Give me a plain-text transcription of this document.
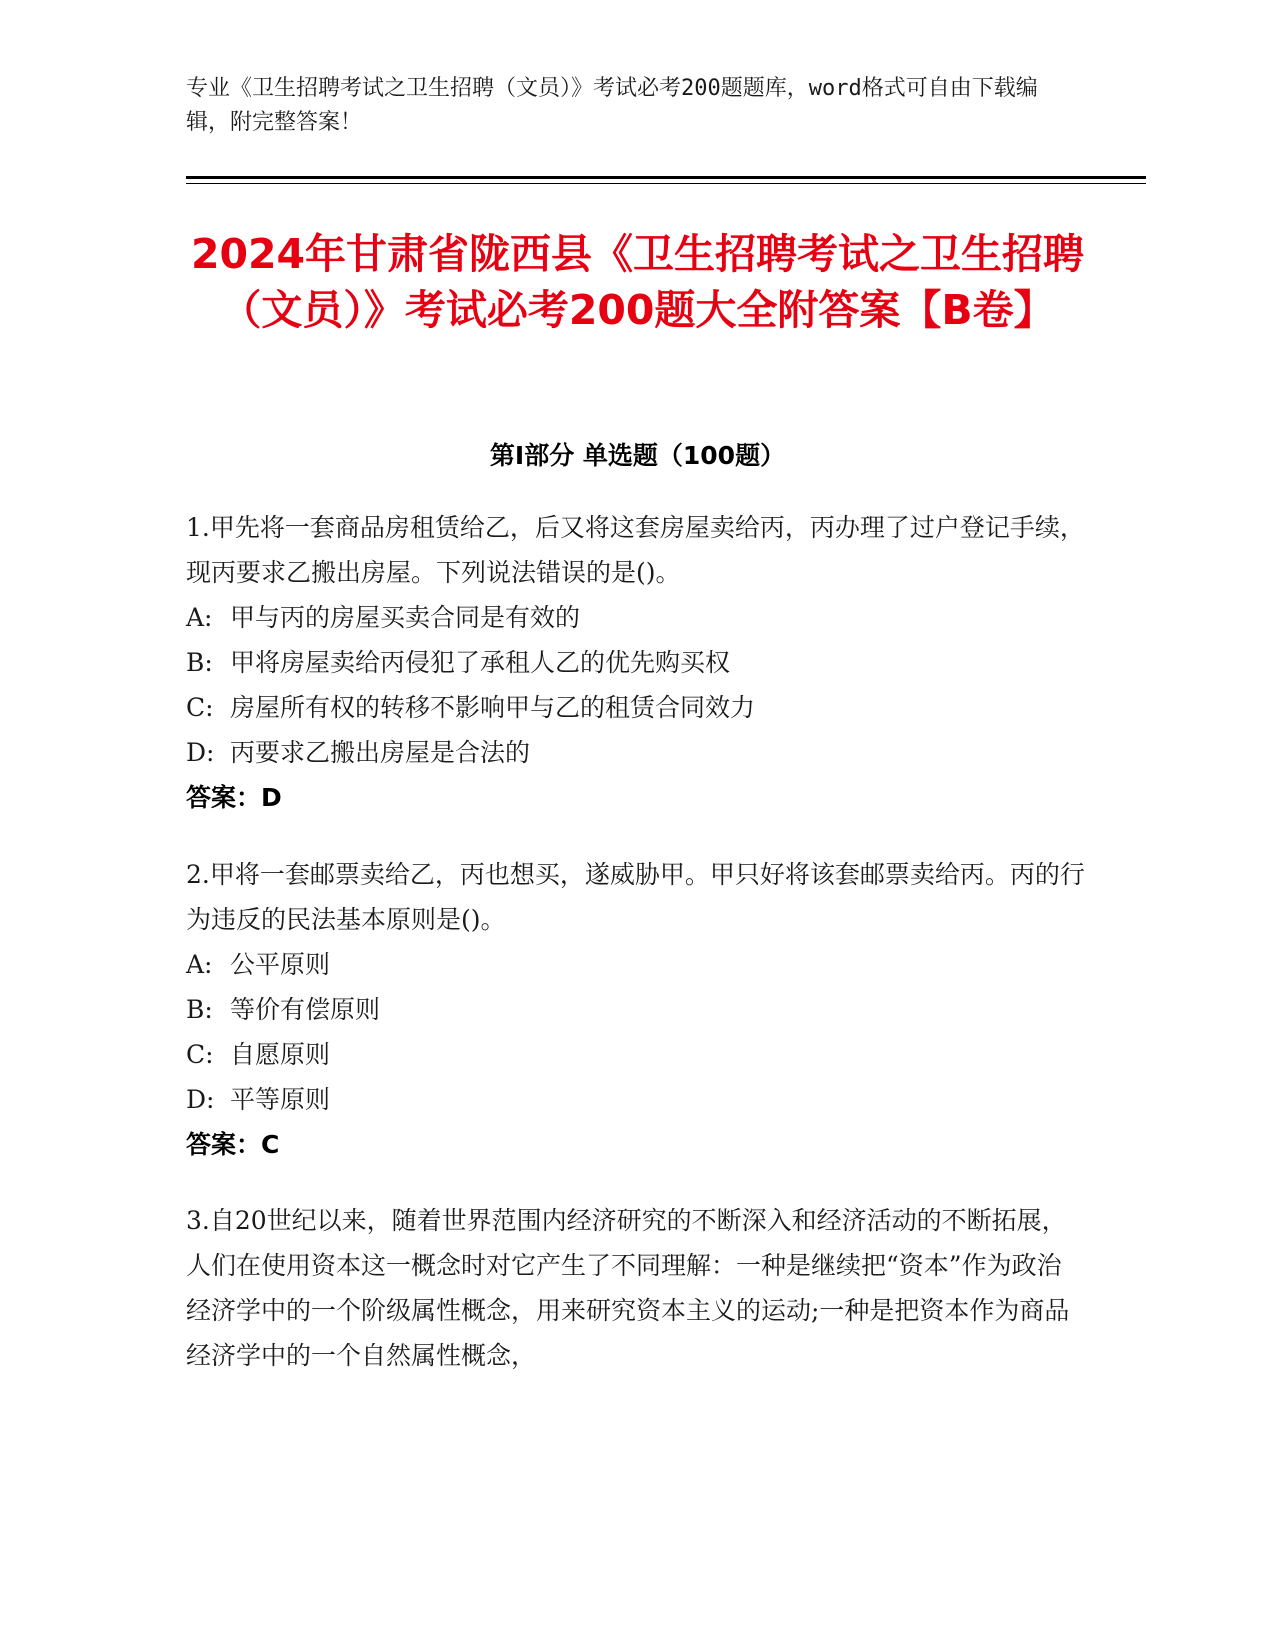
专业《卫生招聘考试之卫生招聘（文员）》考试必考200题题库，word格式可自由下载编辑，附完整答案！
2024年甘肃省陇西县《卫生招聘考试之卫生招聘（文员）》考试必考200题大全附答案【B卷】
第I部分 单选题（100题）

1.甲先将一套商品房租赁给乙，后又将这套房屋卖给丙，丙办理了过户登记手续，现丙要求乙搬出房屋。下列说法错误的是()。

A: 甲与丙的房屋买卖合同是有效的

B: 甲将房屋卖给丙侵犯了承租人乙的优先购买权

C: 房屋所有权的转移不影响甲与乙的租赁合同效力

D: 丙要求乙搬出房屋是合法的

答案：D

2.甲将一套邮票卖给乙，丙也想买，遂威胁甲。甲只好将该套邮票卖给丙。丙的行为违反的民法基本原则是()。

A: 公平原则

B: 等价有偿原则

C: 自愿原则

D: 平等原则

答案：C

3.自20世纪以来，随着世界范围内经济研究的不断深入和经济活动的不断拓展，人们在使用资本这一概念时对它产生了不同理解：一种是继续把“资本”作为政治经济学中的一个阶级属性概念，用来研究资本主义的运动;一种是把资本作为商品经济学中的一个自然属性概念，
